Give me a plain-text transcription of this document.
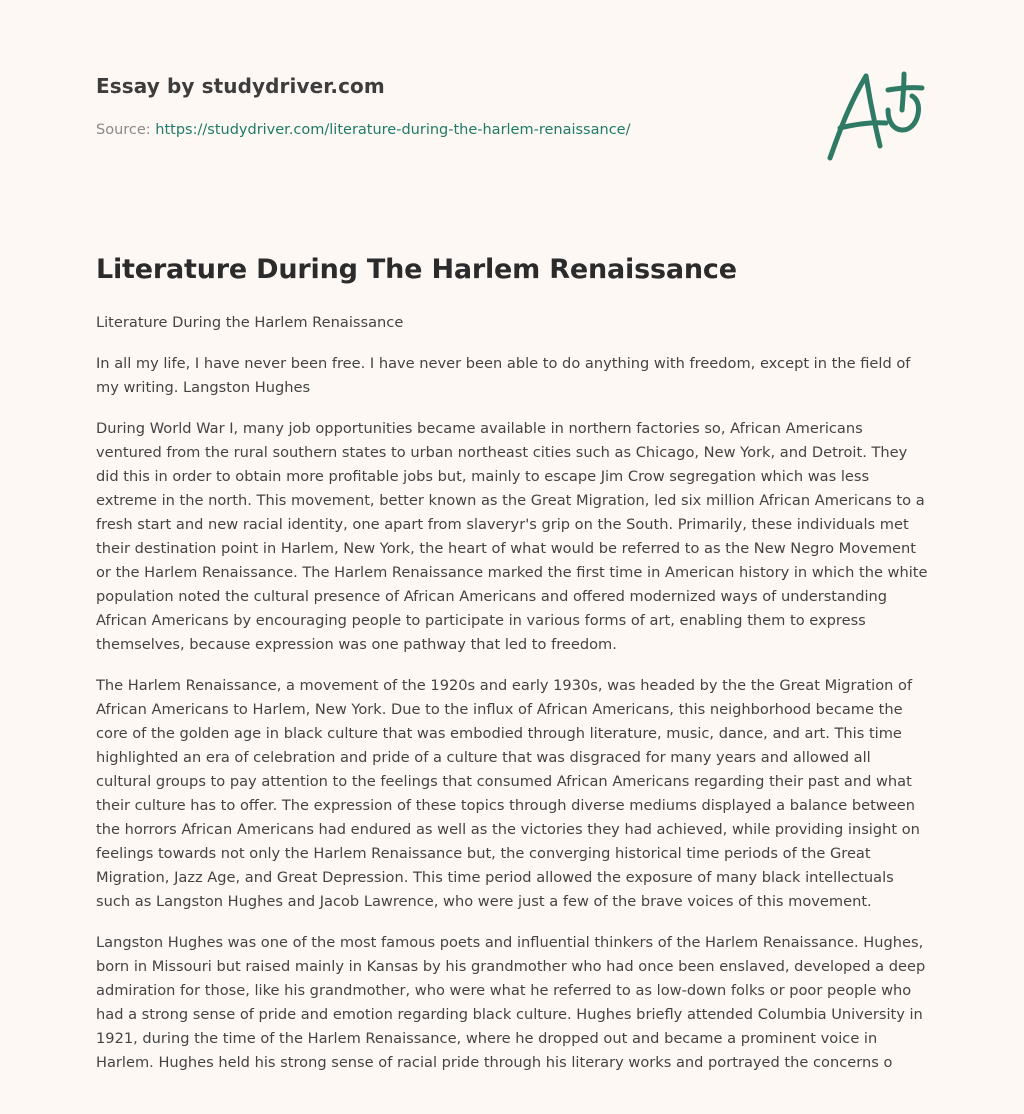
Essay by studydriver.com
Source: https://studydriver.com/literature-during-the-harlem-renaissance/
Literature During The Harlem Renaissance

Literature During the Harlem Renaissance

In all my life, I have never been free. I have never been able to do anything with freedom, except in the field of my writing. Langston Hughes

During World War I, many job opportunities became available in northern factories so, African Americans ventured from the rural southern states to urban northeast cities such as Chicago, New York, and Detroit. They did this in order to obtain more profitable jobs but, mainly to escape Jim Crow segregation which was less extreme in the north. This movement, better known as the Great Migration, led six million African Americans to a fresh start and new racial identity, one apart from slaveryr's grip on the South. Primarily, these individuals met their destination point in Harlem, New York, the heart of what would be referred to as the New Negro Movement or the Harlem Renaissance. The Harlem Renaissance marked the first time in American history in which the white population noted the cultural presence of African Americans and offered modernized ways of understanding African Americans by encouraging people to participate in various forms of art, enabling them to express themselves, because expression was one pathway that led to freedom.

The Harlem Renaissance, a movement of the 1920s and early 1930s, was headed by the the Great Migration of African Americans to Harlem, New York. Due to the influx of African Americans, this neighborhood became the core of the golden age in black culture that was embodied through literature, music, dance, and art. This time highlighted an era of celebration and pride of a culture that was disgraced for many years and allowed all cultural groups to pay attention to the feelings that consumed African Americans regarding their past and what their culture has to offer. The expression of these topics through diverse mediums displayed a balance between the horrors African Americans had endured as well as the victories they had achieved, while providing insight on feelings towards not only the Harlem Renaissance but, the converging historical time periods of the Great Migration, Jazz Age, and Great Depression. This time period allowed the exposure of many black intellectuals such as Langston Hughes and Jacob Lawrence, who were just a few of the brave voices of this movement.

Langston Hughes was one of the most famous poets and influential thinkers of the Harlem Renaissance. Hughes, born in Missouri but raised mainly in Kansas by his grandmother who had once been enslaved, developed a deep admiration for those, like his grandmother, who were what he referred to as low-down folks or poor people who had a strong sense of pride and emotion regarding black culture. Hughes briefly attended Columbia University in 1921, during the time of the Harlem Renaissance, where he dropped out and became a prominent voice in Harlem. Hughes held his strong sense of racial pride through his literary works and portrayed the concerns o
